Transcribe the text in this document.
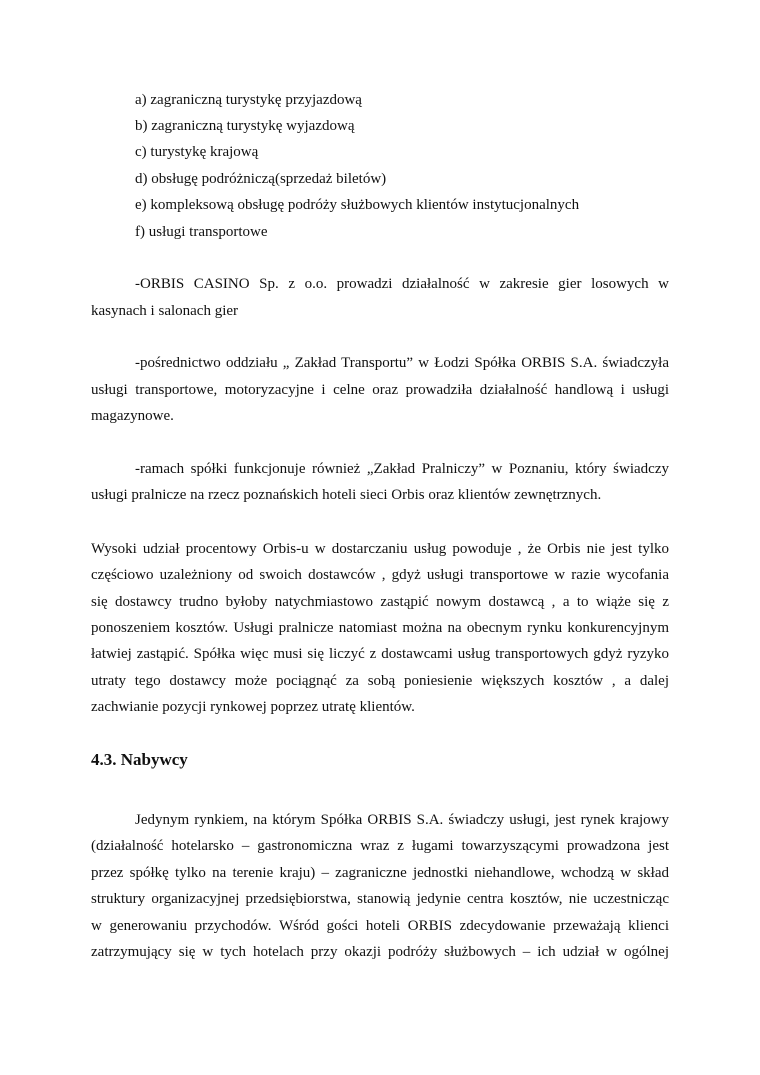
a) zagraniczną turystykę przyjazdową
b) zagraniczną turystykę wyjazdową
c) turystykę krajową
d) obsługę podróżniczą(sprzedaż biletów)
e) kompleksową obsługę podróży służbowych klientów instytucjonalnych
f) usługi transportowe
-ORBIS CASINO Sp. z o.o. prowadzi działalność w zakresie gier losowych w
kasynach i salonach gier
-pośrednictwo oddziału „ Zakład Transportu” w Łodzi Spółka ORBIS S.A. świadczyła
usługi transportowe, motoryzacyjne i celne oraz prowadziła działalność handlową i usługi
magazynowe.
-ramach spółki funkcjonuje również „Zakład Pralniczy” w Poznaniu, który świadczy
usługi pralnicze na rzecz poznańskich hoteli sieci Orbis oraz klientów zewnętrznych.
Wysoki udział procentowy Orbis-u w dostarczaniu usług powoduje , że Orbis nie jest tylko
częściowo uzależniony od swoich dostawców , gdyż usługi transportowe w razie wycofania
się dostawcy trudno byłoby natychmiastowo zastąpić nowym dostawcą , a to wiąże się z
ponoszeniem kosztów. Usługi pralnicze natomiast można na obecnym rynku konkurencyjnym
łatwiej zastąpić. Spółka więc musi się liczyć z dostawcami usług transportowych gdyż ryzyko
utraty tego dostawcy może pociągnąć za sobą poniesienie większych kosztów , a dalej
zachwianie pozycji rynkowej poprzez utratę klientów.
4.3. Nabywcy
Jedynym rynkiem, na którym Spółka ORBIS S.A. świadczy usługi, jest rynek krajowy
(działalność hotelarsko – gastronomiczna wraz z ługami towarzyszącymi prowadzona jest
przez spółkę tylko na terenie kraju) – zagraniczne jednostki niehandlowe, wchodzą w skład
struktury organizacyjnej przedsiębiorstwa, stanowią jedynie centra kosztów, nie uczestnicząc
w generowaniu przychodów. Wśród gości hoteli ORBIS zdecydowanie przeważają klienci
zatrzymujący się w tych hotelach przy okazji podróży służbowych – ich udział w ogólnej
